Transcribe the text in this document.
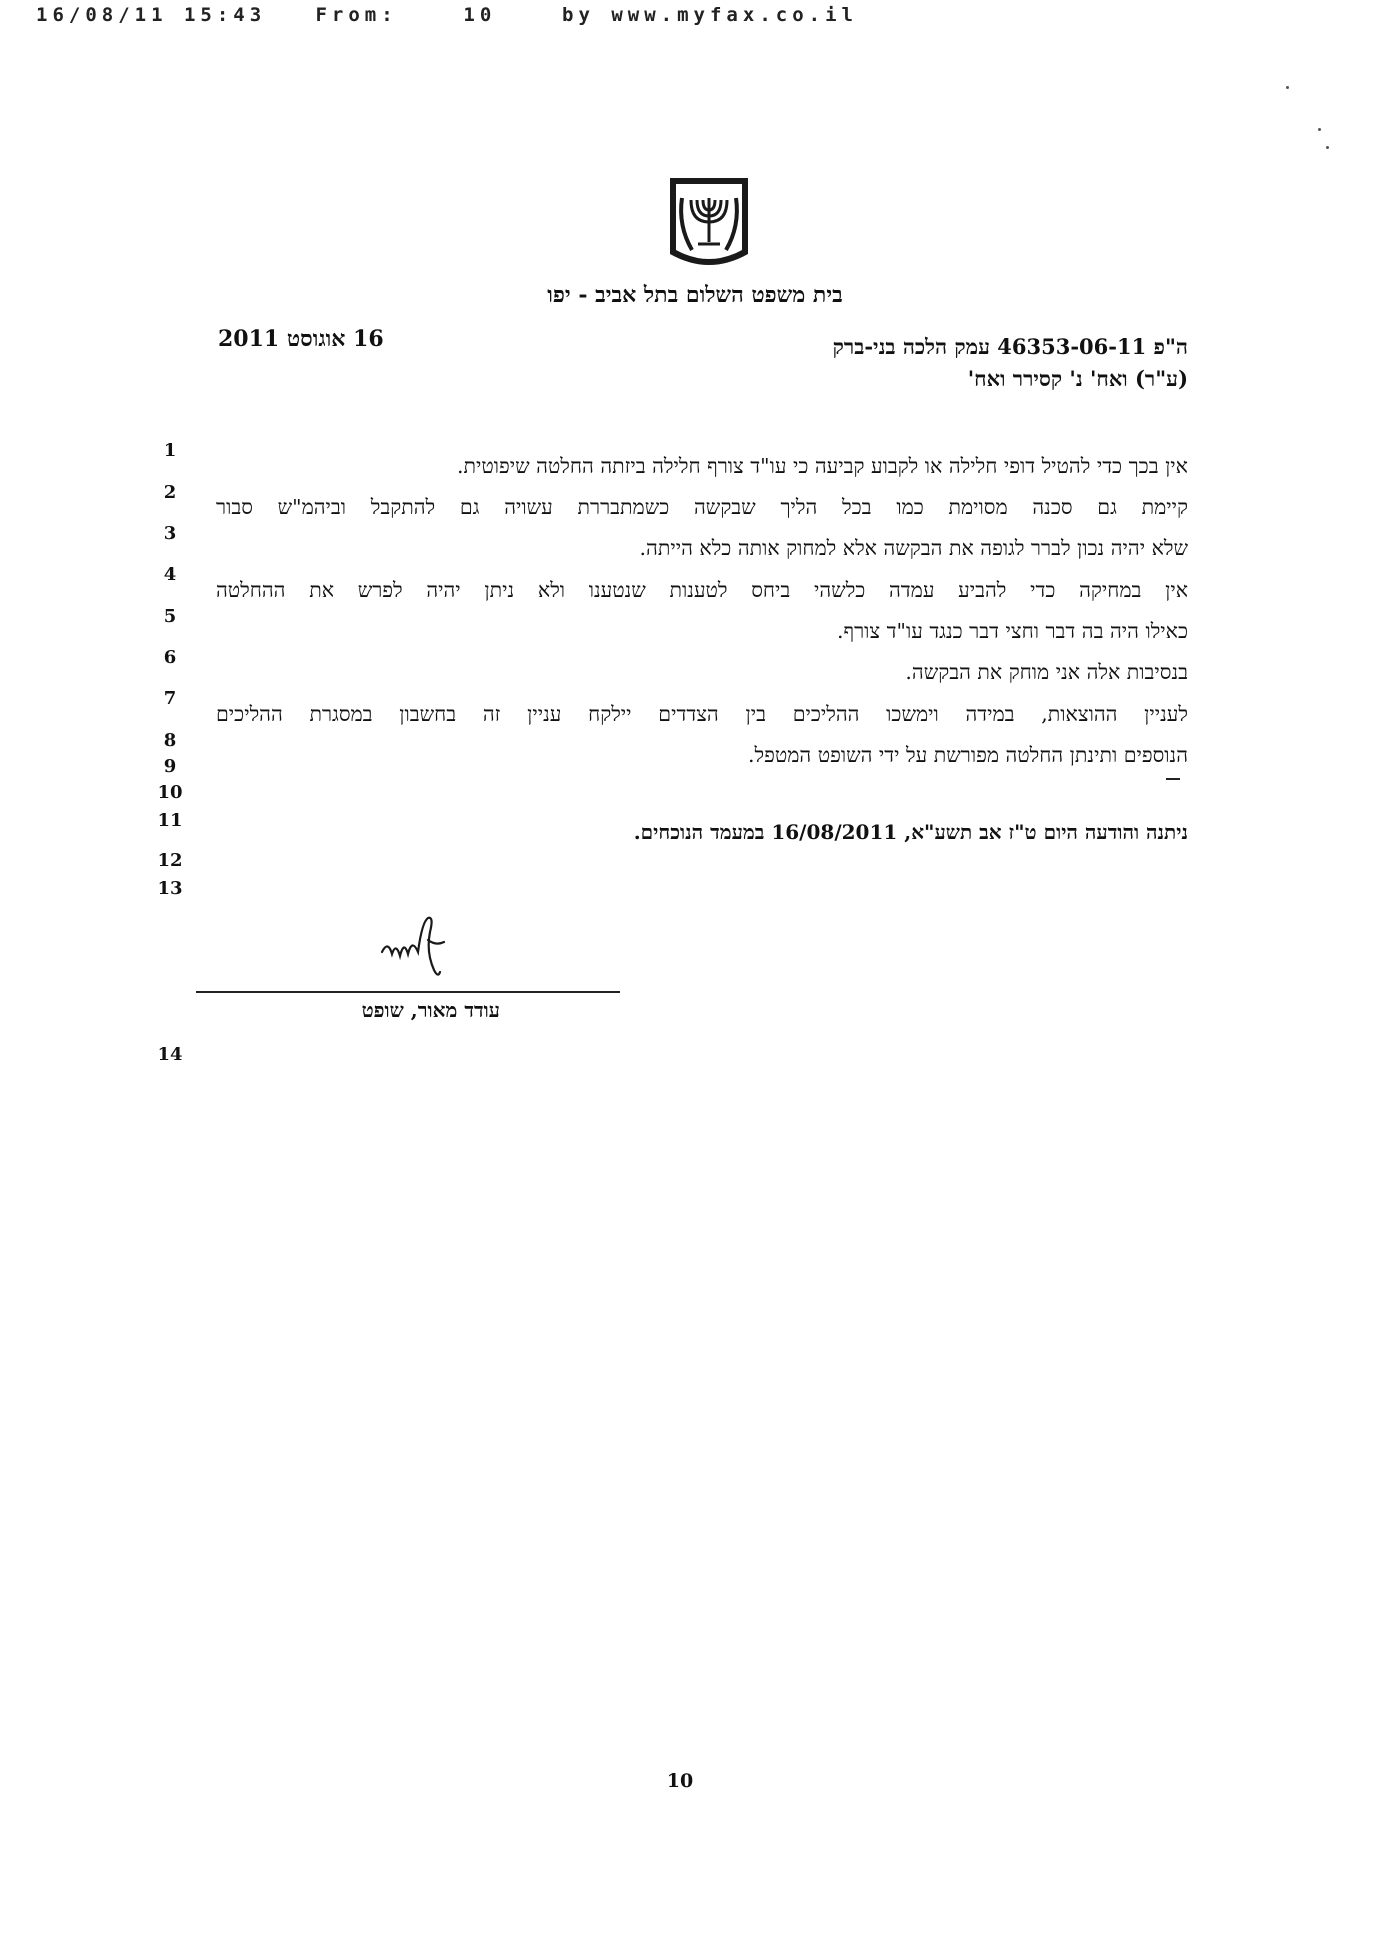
16/08/11 15:43   From:    10    by www.myfax.co.il
בית משפט השלום בתל אביב - יפו
16 אוגוסט 2011	ה"פ 46353-06-11 עמק הלכה בני-ברק
(ע"ר) ואח' נ' קסירר ואח'
1
אין בכך כדי להטיל דופי חלילה או לקבוע קביעה כי עו"ד צורף חלילה ביזתה החלטה שיפוטית.
2
קיימת גם סכנה מסוימת כמו בכל הליך שבקשה כשמתבררת עשויה גם להתקבל וביהמ"ש סבור
3
שלא יהיה נכון לברר לגופה את הבקשה אלא למחוק אותה כלא הייתה.
4
אין במחיקה כדי להביע עמדה כלשהי ביחס לטענות שנטענו ולא ניתן יהיה לפרש את ההחלטה
5
כאילו היה בה דבר וחצי דבר כנגד עו"ד צורף.
6
בנסיבות אלה אני מוחק את הבקשה.
7
לעניין ההוצאות, במידה וימשכו ההליכים בין הצדדים יילקח עניין זה בחשבון במסגרת ההליכים
8
הנוספים ותינתן החלטה מפורשת על ידי השופט המטפל.
9
10
11
12
13
14
ניתנה והודעה היום ט"ז אב תשע"א, 16/08/2011 במעמד הנוכחים.
עודד מאור, שופט
10
